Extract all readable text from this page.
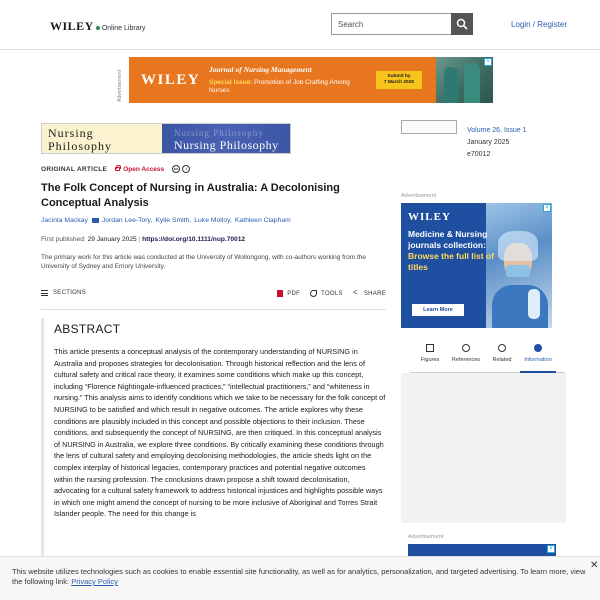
WILEY Online Library	Search	Login / Register
Advertisement WILEY
Journal of Nursing Management
Special Issue: Promotion of Job Crafting Among Nurses
Submit by
7 March 2025
×
Nursing
Philosophy
Nursing Philosophy
Nursing Philosophy
ORIGINAL ARTICLE Open Access	cc	i
The Folk Concept of Nursing in Australia: A Decolonising Conceptual Analysis
Jacinta Mackay Jordan Lee-Tory, Kylie Smith, Luke Molloy, Kathleen Clapham
First published: 29 January 2025 | https://doi.org/10.1111/nup.70012
The primary work for this article was conducted at the University of Wollongong, with co-authors working from the University of Sydney and Emory University.
SECTIONS	PDF	TOOLS <	SHARE
ABSTRACT
This article presents a conceptual analysis of the contemporary understanding of NURSING in Australia and proposes strategies for decolonisation. Through historical reflection and the lens of cultural safety and critical race theory, it examines some conditions which make up this concept, including “Florence Nightingale-influenced practices,” “intellectual practitioners,” and “whiteness in nursing.” This analysis aims to identify conditions which we take to be necessary for the folk concept of NURSING to be satisfied and which result in negative outcomes. The article explores why these conditions are plausibly included in this concept and possible objections to their inclusion. These conditions, and subsequently the concept of NURSING, are then critiqued. In this conceptual analysis of NURSING in Australia, we explore three conditions. By critically examining these conditions through the lens of cultural safety and employing decolonising methodologies, the article sheds light on the complex interplay of historical legacies, contemporary practices and potential negative outcomes within the nursing profession. The conclusions drawn propose a shift toward decolonisation, advocating for a cultural safety framework to address historical injustices and highlights possible ways in which one might amend the concept of nursing to be more inclusive of Aboriginal and Torres Strait Islander people. The need for this change is
Volume 26, Issue 1
January 2025
e70012
Advertisement
WILEY
Medicine & Nursing journals collection: Browse the full list of titles
Learn More
×
Figures	References	Related	Information
Advertisement
×
This website utilizes technologies such as cookies to enable essential site functionality, as well as for analytics, personalization, and targeted advertising. To learn more, view the following link: Privacy Policy
✕
